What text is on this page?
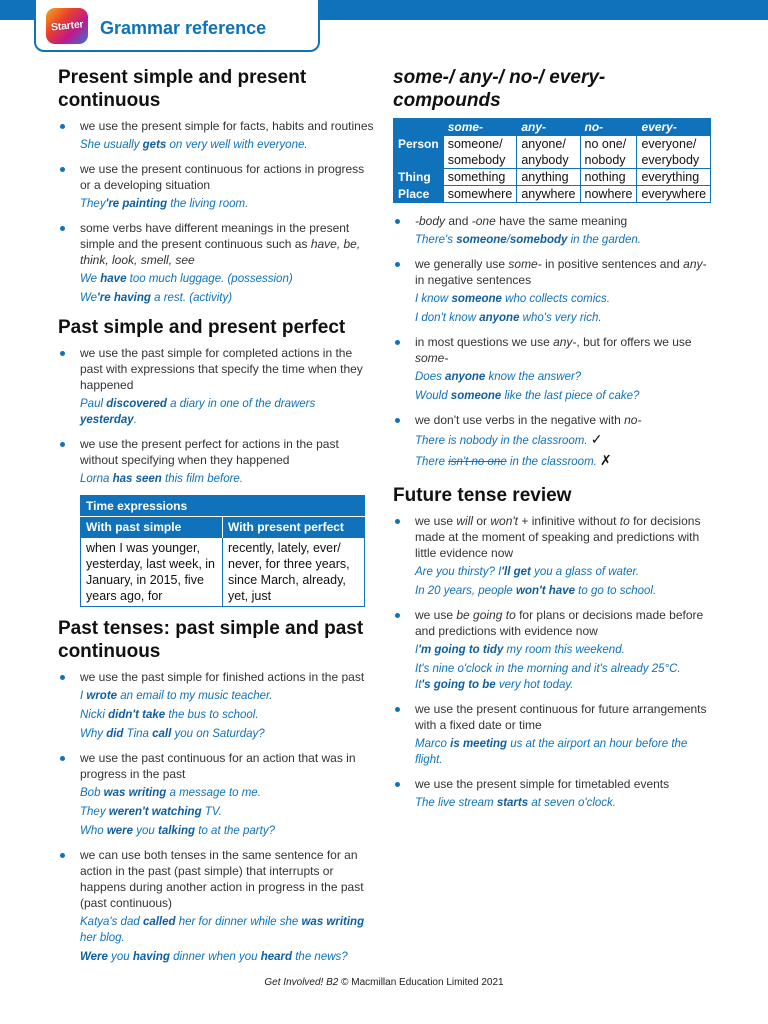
Starter Grammar reference
Present simple and present continuous
we use the present simple for facts, habits and routines
She usually gets on very well with everyone.
we use the present continuous for actions in progress or a developing situation
They're painting the living room.
some verbs have different meanings in the present simple and the present continuous such as have, be, think, look, smell, see
We have too much luggage. (possession)
We're having a rest. (activity)
Past simple and present perfect
we use the past simple for completed actions in the past with expressions that specify the time when they happened
Paul discovered a diary in one of the drawers yesterday.
we use the present perfect for actions in the past without specifying when they happened
Lorna has seen this film before.
Time expressions	
With past simple	With present perfect
when I was younger, yesterday, last week, in January, in 2015, five years ago, for	recently, lately, ever/ never, for three years, since March, already, yet, just
Past tenses: past simple and past continuous
we use the past simple for finished actions in the past
I wrote an email to my music teacher.
Nicki didn't take the bus to school.
Why did Tina call you on Saturday?
we use the past continuous for an action that was in progress in the past
Bob was writing a message to me.
They weren't watching TV.
Who were you talking to at the party?
we can use both tenses in the same sentence for an action in the past (past simple) that interrupts or happens during another action in progress in the past (past continuous)
Katya's dad called her for dinner while she was writing her blog.
Were you having dinner when you heard the news?
some-/ any-/ no-/ every- compounds
	some-	any-	no-	every-
Person	someone/ somebody	anyone/ anybody	no one/ nobody	everyone/ everybody
Thing	something	anything	nothing	everything
Place	somewhere	anywhere	nowhere	everywhere
-body and -one have the same meaning
There's someone/somebody in the garden.
we generally use some- in positive sentences and any- in negative sentences
I know someone who collects comics.
I don't know anyone who's very rich.
in most questions we use any-, but for offers we use some-
Does anyone know the answer?
Would someone like the last piece of cake?
we don't use verbs in the negative with no-
There is nobody in the classroom. ✓
There isn't no one in the classroom. ✗
Future tense review
we use will or won't + infinitive without to for decisions made at the moment of speaking and predictions with little evidence now
Are you thirsty? I'll get you a glass of water.
In 20 years, people won't have to go to school.
we use be going to for plans or decisions made before and predictions with evidence now
I'm going to tidy my room this weekend.
It's nine o'clock in the morning and it's already 25°C.
It's going to be very hot today.
we use the present continuous for future arrangements with a fixed date or time
Marco is meeting us at the airport an hour before the flight.
we use the present simple for timetabled events
The live stream starts at seven o'clock.
Get Involved! B2 © Macmillan Education Limited 2021
